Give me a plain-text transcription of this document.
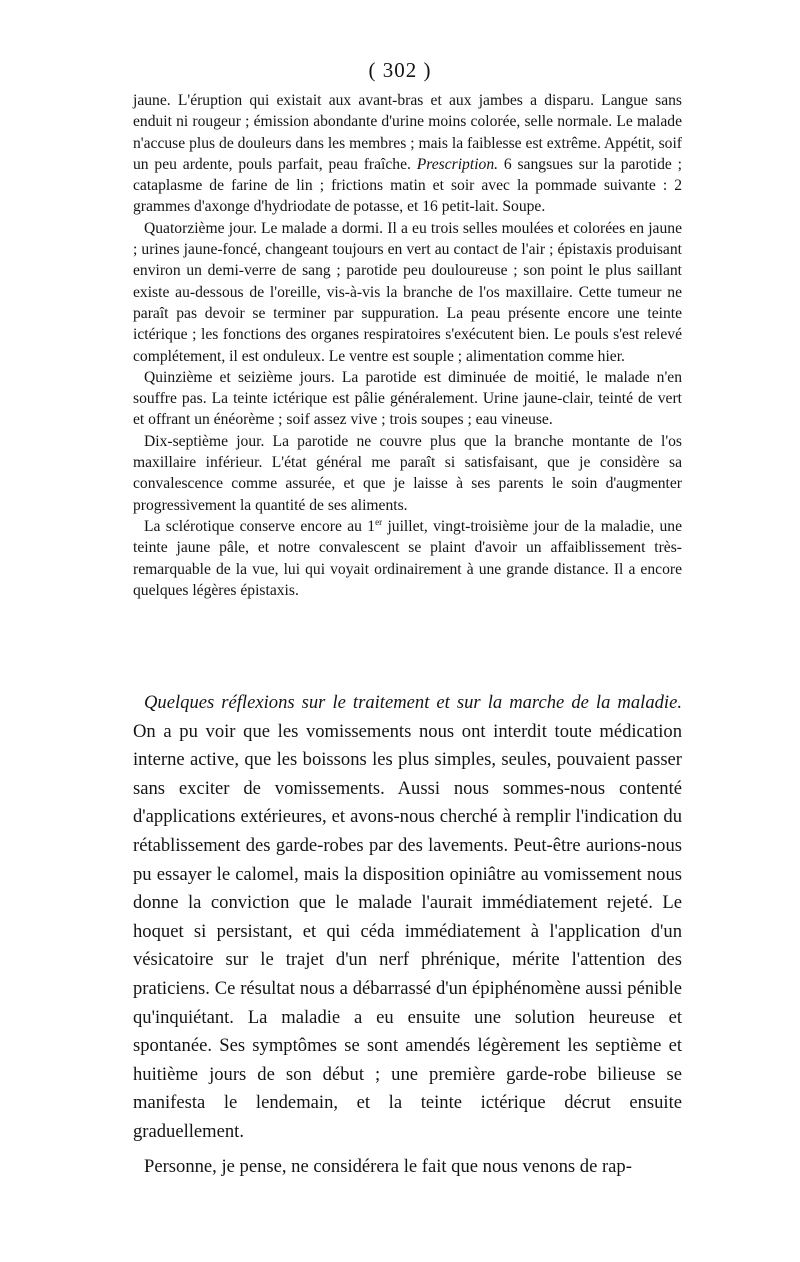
( 302 )

jaune. L'éruption qui existait aux avant-bras et aux jambes a disparu. Langue sans enduit ni rougeur ; émission abondante d'urine moins colorée, selle normale. Le malade n'accuse plus de douleurs dans les membres ; mais la faiblesse est extrême. Appétit, soif un peu ardente, pouls parfait, peau fraîche. Prescription. 6 sangsues sur la parotide ; cataplasme de farine de lin ; frictions matin et soir avec la pommade suivante : 2 grammes d'axonge d'hydriodate de potasse, et 16 petit-lait. Soupe.

Quatorzième jour. Le malade a dormi. Il a eu trois selles moulées et colorées en jaune ; urines jaune-foncé, changeant toujours en vert au contact de l'air ; épistaxis produisant environ un demi-verre de sang ; parotide peu douloureuse ; son point le plus saillant existe au-dessous de l'oreille, vis-à-vis la branche de l'os maxillaire. Cette tumeur ne paraît pas devoir se terminer par suppuration. La peau présente encore une teinte ictérique ; les fonctions des organes respiratoires s'exécutent bien. Le pouls s'est relevé complétement, il est onduleux. Le ventre est souple ; alimentation comme hier.

Quinzième et seizième jours. La parotide est diminuée de moitié, le malade n'en souffre pas. La teinte ictérique est pâlie généralement. Urine jaune-clair, teinté de vert et offrant un énéorème ; soif assez vive ; trois soupes ; eau vineuse.

Dix-septième jour. La parotide ne couvre plus que la branche montante de l'os maxillaire inférieur. L'état général me paraît si satisfaisant, que je considère sa convalescence comme assurée, et que je laisse à ses parents le soin d'augmenter progressivement la quantité de ses aliments.

La sclérotique conserve encore au 1er juillet, vingt-troisième jour de la maladie, une teinte jaune pâle, et notre convalescent se plaint d'avoir un affaiblissement très-remarquable de la vue, lui qui voyait ordinairement à une grande distance. Il a encore quelques légères épistaxis.

Quelques réflexions sur le traitement et sur la marche de la maladie. On a pu voir que les vomissements nous ont interdit toute médication interne active, que les boissons les plus simples, seules, pouvaient passer sans exciter de vomissements. Aussi nous sommes-nous contenté d'applications extérieures, et avons-nous cherché à remplir l'indication du rétablissement des garde-robes par des lavements. Peut-être aurions-nous pu essayer le calomel, mais la disposition opiniâtre au vomissement nous donne la conviction que le malade l'aurait immédiatement rejeté. Le hoquet si persistant, et qui céda immédiatement à l'application d'un vésicatoire sur le trajet d'un nerf phrénique, mérite l'attention des praticiens. Ce résultat nous a débarrassé d'un épiphénomène aussi pénible qu'inquiétant. La maladie a eu ensuite une solution heureuse et spontanée. Ses symptômes se sont amendés légèrement les septième et huitième jours de son début ; une première garde-robe bilieuse se manifesta le lendemain, et la teinte ictérique décrut ensuite graduellement.

Personne, je pense, ne considérera le fait que nous venons de rap-
